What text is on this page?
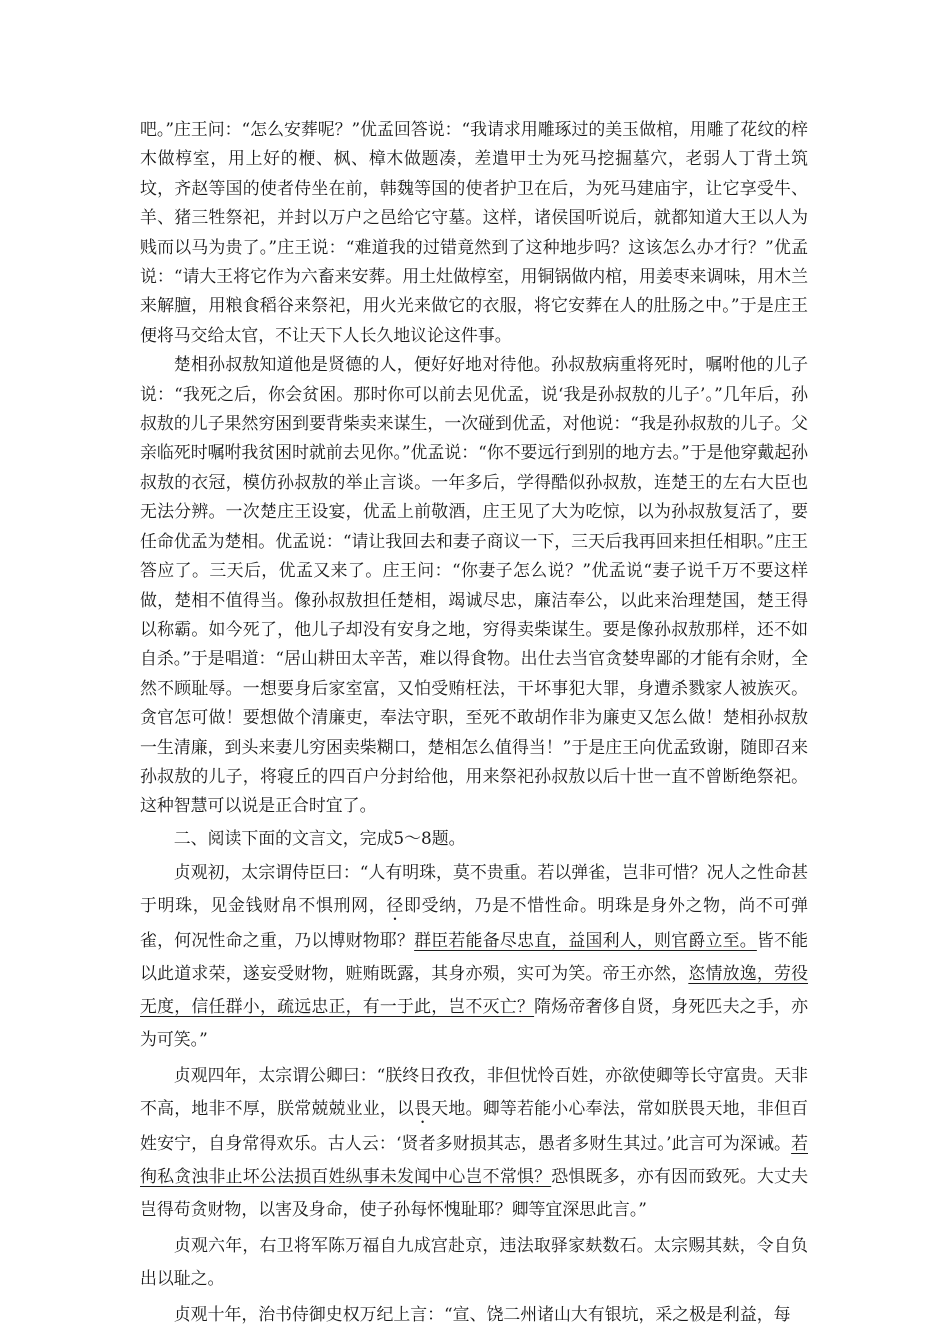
吧。”庄王问：“怎么安葬呢？”优孟回答说：“我请求用雕琢过的美玉做棺，用雕了花纹的梓木做椁室，用上好的楩、枫、樟木做题凑，差遣甲士为死马挖掘墓穴，老弱人丁背土筑坟，齐赵等国的使者侍坐在前，韩魏等国的使者护卫在后，为死马建庙宇，让它享受牛、羊、猪三牲祭祀，并封以万户之邑给它守墓。这样，诸侯国听说后，就都知道大王以人为贱而以马为贵了。”庄王说：“难道我的过错竟然到了这种地步吗？这该怎么办才行？”优孟说：“请大王将它作为六畜来安葬。用土灶做椁室，用铜锅做内棺，用姜枣来调味，用木兰来解膻，用粮食稻谷来祭祀，用火光来做它的衣服，将它安葬在人的肚肠之中。”于是庄王便将马交给太官，不让天下人长久地议论这件事。

楚相孙叔敖知道他是贤德的人，便好好地对待他。孙叔敖病重将死时，嘱咐他的儿子说：“我死之后，你会贫困。那时你可以前去见优孟，说‘我是孙叔敖的儿子’。”几年后，孙叔敖的儿子果然穷困到要背柴卖来谋生，一次碰到优孟，对他说：“我是孙叔敖的儿子。父亲临死时嘱咐我贫困时就前去见你。”优孟说：“你不要远行到别的地方去。”于是他穿戴起孙叔敖的衣冠，模仿孙叔敖的举止言谈。一年多后，学得酷似孙叔敖，连楚王的左右大臣也无法分辨。一次楚庄王设宴，优孟上前敬酒，庄王见了大为吃惊，以为孙叔敖复活了，要任命优孟为楚相。优孟说：“请让我回去和妻子商议一下，三天后我再回来担任相职。”庄王答应了。三天后，优孟又来了。庄王问：“你妻子怎么说？”优孟说“妻子说千万不要这样做，楚相不值得当。像孙叔敖担任楚相，竭诚尽忠，廉洁奉公，以此来治理楚国，楚王得以称霸。如今死了，他儿子却没有安身之地，穷得卖柴谋生。要是像孙叔敖那样，还不如自杀。”于是唱道：“居山耕田太辛苦，难以得食物。出仕去当官贪婪卑鄙的才能有余财，全然不顾耻辱。一想要身后家室富，又怕受贿枉法，干坏事犯大罪，身遭杀戮家人被族灭。贪官怎可做！要想做个清廉吏，奉法守职，至死不敢胡作非为廉吏又怎么做！楚相孙叔敖一生清廉，到头来妻儿穷困卖柴糊口，楚相怎么值得当！”于是庄王向优孟致谢，随即召来孙叔敖的儿子，将寝丘的四百户分封给他，用来祭祀孙叔敖以后十世一直不曾断绝祭祀。这种智慧可以说是正合时宜了。

二、阅读下面的文言文，完成5～8题。

贞观初，太宗谓侍臣曰：“人有明珠，莫不贵重。若以弹雀，岂非可惜？况人之性命甚于明珠，见金钱财帛不惧刑网，径即受纳，乃是不惜性命。明珠是身外之物，尚不可弹雀，何况性命之重，乃以博财物耶？群臣若能备尽忠直，益国利人，则官爵立至。皆不能以此道求荣，遂妄受财物，赃贿既露，其身亦殒，实可为笑。帝王亦然，恣情放逸，劳役无度，信任群小，疏远忠正，有一于此，岂不灭亡？隋炀帝奢侈自贤，身死匹夫之手，亦为可笑。”

贞观四年，太宗谓公卿曰：“朕终日孜孜，非但忧怜百姓，亦欲使卿等长守富贵。天非不高，地非不厚，朕常兢兢业业，以畏天地。卿等若能小心奉法，常如朕畏天地，非但百姓安宁，自身常得欢乐。古人云：‘贤者多财损其志，愚者多财生其过。’此言可为深诫。若徇私贪浊非止坏公法损百姓纵事未发闻中心岂不常惧？恐惧既多，亦有因而致死。大丈夫岂得苟贪财物，以害及身命，使子孙每怀愧耻耶？卿等宜深思此言。”

贞观六年，右卫将军陈万福自九成宫赴京，违法取驿家麸数石。太宗赐其麸，令自负出以耻之。

贞观十年，治书侍御史权万纪上言：“宣、饶二州诸山大有银坑，采之极是利益，每
